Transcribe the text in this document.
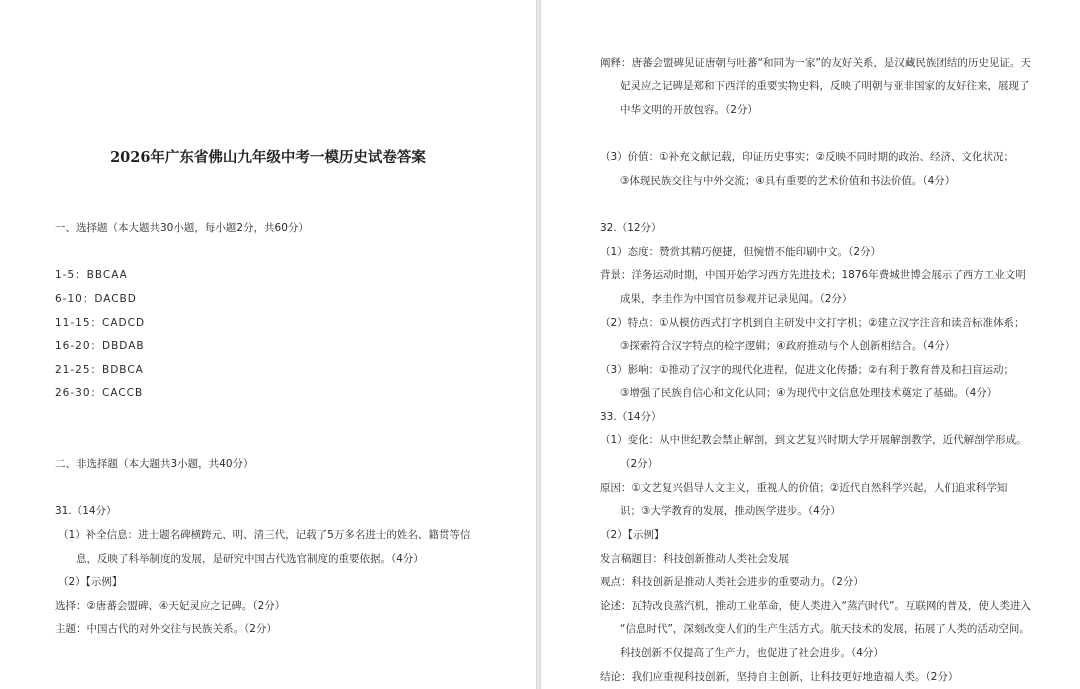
2026年广东省佛山九年级中考一模历史试卷答案
一、选择题（本大题共30小题，每小题2分，共60分）
1-5：BBCAA
6-10：DACBD
11-15：CADCD
16-20：DBDAB
21-25：BDBCA
26-30：CACCB
二、非选择题（本大题共3小题，共40分）
31.（14分）
（1）补全信息：进士题名碑横跨元、明、清三代，记载了5万多名进士的姓名、籍贯等信
息，反映了科举制度的发展，是研究中国古代选官制度的重要依据。（4分）
（2）【示例】
选择：②唐蕃会盟碑、④天妃灵应之记碑。（2分）
主题：中国古代的对外交往与民族关系。（2分）
阐释：唐蕃会盟碑见证唐朝与吐蕃“和同为一家”的友好关系，是汉藏民族团结的历史见证。天
妃灵应之记碑是郑和下西洋的重要实物史料，反映了明朝与亚非国家的友好往来，展现了
中华文明的开放包容。（2分）
（3）价值：①补充文献记载，印证历史事实；②反映不同时期的政治、经济、文化状况；
③体现民族交往与中外交流；④具有重要的艺术价值和书法价值。（4分）
32.（12分）
（1）态度：赞赏其精巧便捷，但惋惜不能印刷中文。（2分）
背景：洋务运动时期，中国开始学习西方先进技术；1876年费城世博会展示了西方工业文明
成果，李圭作为中国官员参观并记录见闻。（2分）
（2）特点：①从模仿西式打字机到自主研发中文打字机；②建立汉字注音和读音标准体系；
③探索符合汉字特点的检字逻辑；④政府推动与个人创新相结合。（4分）
（3）影响：①推动了汉字的现代化进程，促进文化传播；②有利于教育普及和扫盲运动；
③增强了民族自信心和文化认同；④为现代中文信息处理技术奠定了基础。（4分）
33.（14分）
（1）变化：从中世纪教会禁止解剖，到文艺复兴时期大学开展解剖教学，近代解剖学形成。
（2分）
原因：①文艺复兴倡导人文主义，重视人的价值；②近代自然科学兴起，人们追求科学知
识；③大学教育的发展，推动医学进步。（4分）
（2）【示例】
发言稿题目：科技创新推动人类社会发展
观点：科技创新是推动人类社会进步的重要动力。（2分）
论述：瓦特改良蒸汽机，推动工业革命，使人类进入“蒸汽时代”。互联网的普及，使人类进入
“信息时代”，深刻改变人们的生产生活方式。航天技术的发展，拓展了人类的活动空间。
科技创新不仅提高了生产力，也促进了社会进步。（4分）
结论：我们应重视科技创新，坚持自主创新，让科技更好地造福人类。（2分）
